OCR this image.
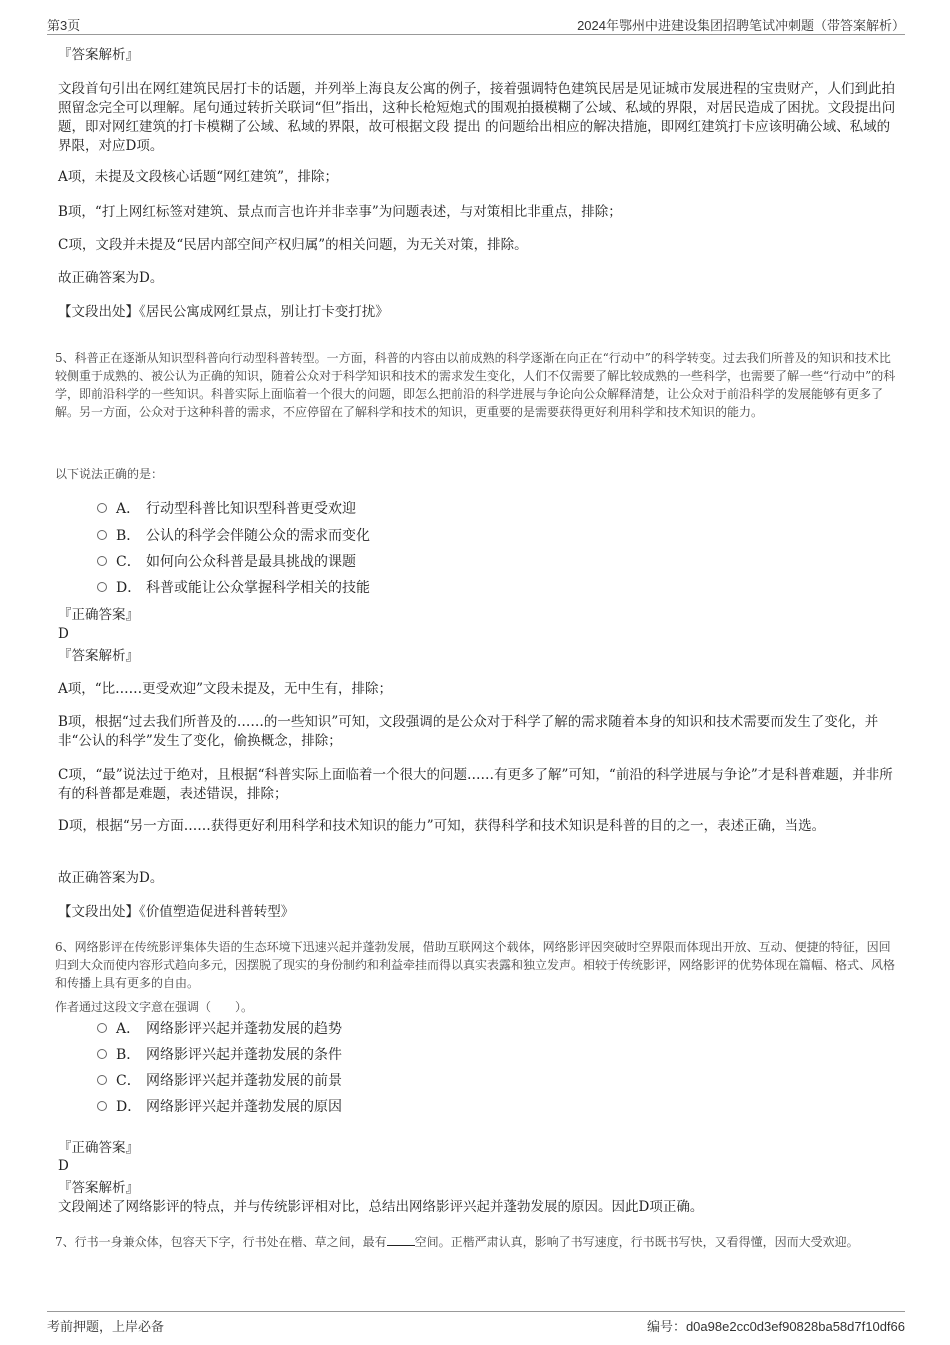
第3页	2024年鄂州中进建设集团招聘笔试冲刺题（带答案解析）

『答案解析』

文段首句引出在网红建筑民居打卡的话题，并列举上海良友公寓的例子，接着强调特色建筑民居是见证城市发展进程的宝贵财产，人们到此拍照留念完全可以理解。尾句通过转折关联词“但”指出，这种长枪短炮式的围观拍摄模糊了公域、私域的界限，对居民造成了困扰。文段提出问题，即对网红建筑的打卡模糊了公域、私域的界限，故可根据文段 提出 的问题给出相应的解决措施，即网红建筑打卡应该明确公域、私域的界限，对应D项。

A项，未提及文段核心话题“网红建筑”，排除；

B项，“打上网红标签对建筑、景点而言也许并非幸事”为问题表述，与对策相比非重点，排除；

C项，文段并未提及“民居内部空间产权归属”的相关问题，为无关对策，排除。

故正确答案为D。

【文段出处】《居民公寓成网红景点，别让打卡变打扰》

5、科普正在逐渐从知识型科普向行动型科普转型。一方面，科普的内容由以前成熟的科学逐渐在向正在“行动中”的科学转变。过去我们所普及的知识和技术比较侧重于成熟的、被公认为正确的知识，随着公众对于科学知识和技术的需求发生变化，人们不仅需要了解比较成熟的一些科学，也需要了解一些“行动中”的科学，即前沿科学的一些知识。科普实际上面临着一个很大的问题，即怎么把前沿的科学进展与争论向公众解释清楚，让公众对于前沿科学的发展能够有更多了解。另一方面，公众对于这种科普的需求，不应停留在了解科学和技术的知识，更重要的是需要获得更好利用科学和技术知识的能力。

以下说法正确的是：

A． 行动型科普比知识型科普更受欢迎
B． 公认的科学会伴随公众的需求而变化
C． 如何向公众科普是最具挑战的课题
D． 科普或能让公众掌握科学相关的技能

『正确答案』

D

『答案解析』

A项，“比……更受欢迎”文段未提及，无中生有，排除；

B项，根据“过去我们所普及的……的一些知识”可知，文段强调的是公众对于科学了解的需求随着本身的知识和技术需要而发生了变化，并非“公认的科学”发生了变化，偷换概念，排除；

C项，“最”说法过于绝对，且根据“科普实际上面临着一个很大的问题……有更多了解”可知，“前沿的科学进展与争论”才是科普难题，并非所有的科普都是难题，表述错误，排除；

D项，根据“另一方面……获得更好利用科学和技术知识的能力”可知，获得科学和技术知识是科普的目的之一，表述正确，当选。

故正确答案为D。

【文段出处】《价值塑造促进科普转型》

6、网络影评在传统影评集体失语的生态环境下迅速兴起并蓬勃发展，借助互联网这个载体，网络影评因突破时空界限而体现出开放、互动、便捷的特征，因回归到大众而使内容形式趋向多元，因摆脱了现实的身份制约和利益牵挂而得以真实表露和独立发声。相较于传统影评，网络影评的优势体现在篇幅、格式、风格和传播上具有更多的自由。

作者通过这段文字意在强调（　　）。

A． 网络影评兴起并蓬勃发展的趋势
B． 网络影评兴起并蓬勃发展的条件
C． 网络影评兴起并蓬勃发展的前景
D． 网络影评兴起并蓬勃发展的原因

『正确答案』

D

『答案解析』

文段阐述了网络影评的特点，并与传统影评相对比，总结出网络影评兴起并蓬勃发展的原因。因此D项正确。

7、行书一身兼众体，包容天下字，行书处在楷、草之间，最有 空间。正楷严肃认真，影响了书写速度，行书既书写快，又看得懂，因而大受欢迎。

考前押题，上岸必备	编号：d0a98e2cc0d3ef90828ba58d7f10df66
